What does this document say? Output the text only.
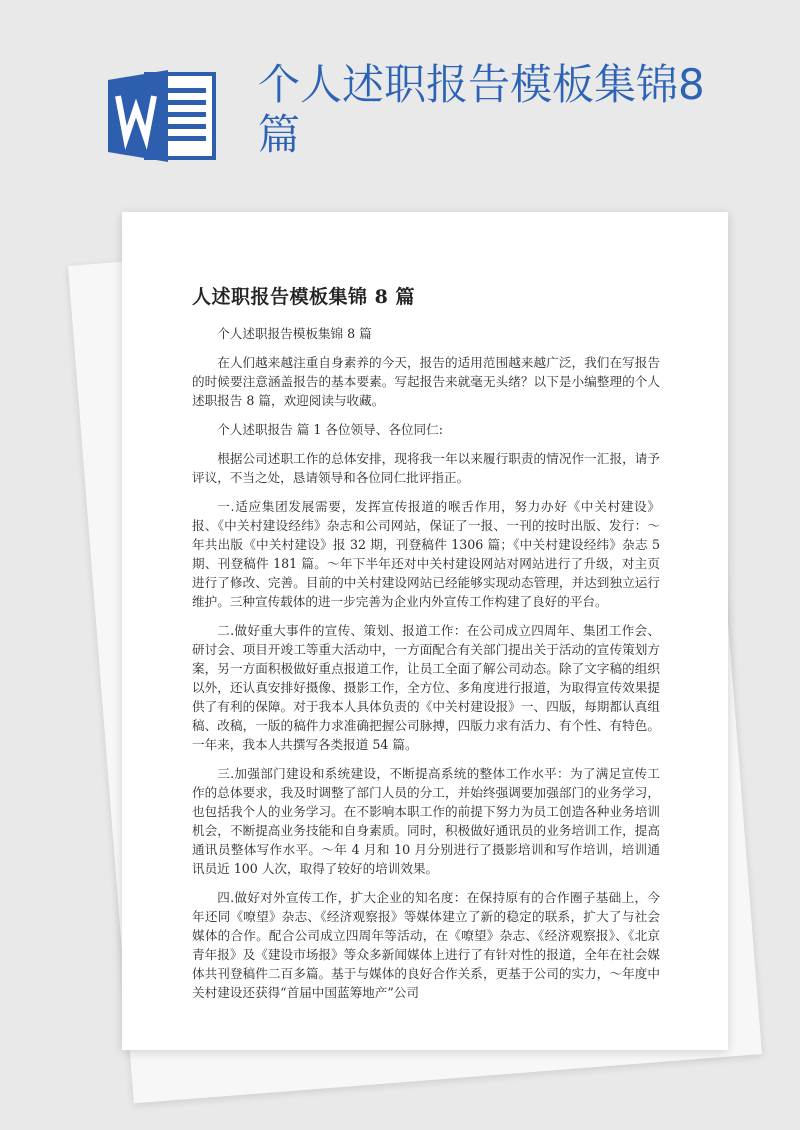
个人述职报告模板集锦8篇
人述职报告模板集锦 8 篇

个人述职报告模板集锦 8 篇

在人们越来越注重自身素养的今天，报告的适用范围越来越广泛，我们在写报告的时候要注意涵盖报告的基本要素。写起报告来就毫无头绪？以下是小编整理的个人述职报告 8 篇，欢迎阅读与收藏。

个人述职报告 篇 1 各位领导、各位同仁:

根据公司述职工作的总体安排，现将我一年以来履行职责的情况作一汇报，请予评议，不当之处，恳请领导和各位同仁批评指正。

一.适应集团发展需要，发挥宣传报道的喉舌作用，努力办好《中关村建设》报、《中关村建设经纬》杂志和公司网站，保证了一报、一刊的按时出版、发行：～年共出版《中关村建设》报 32 期，刊登稿件 1306 篇；《中关村建设经纬》杂志 5 期、刊登稿件 181 篇。～年下半年还对中关村建设网站对网站进行了升级，对主页进行了修改、完善。目前的中关村建设网站已经能够实现动态管理，并达到独立运行维护。三种宣传载体的进一步完善为企业内外宣传工作构建了良好的平台。

二.做好重大事件的宣传、策划、报道工作：在公司成立四周年、集团工作会、研讨会、项目开竣工等重大活动中，一方面配合有关部门提出关于活动的宣传策划方案，另一方面积极做好重点报道工作，让员工全面了解公司动态。除了文字稿的组织以外，还认真安排好摄像、摄影工作，全方位、多角度进行报道，为取得宣传效果提供了有利的保障。对于我本人具体负责的《中关村建设报》一、四版，每期都认真组稿、改稿，一版的稿件力求准确把握公司脉搏，四版力求有活力、有个性、有特色。一年来，我本人共撰写各类报道 54 篇。

三.加强部门建设和系统建设，不断提高系统的整体工作水平：为了满足宣传工作的总体要求，我及时调整了部门人员的分工，并始终强调要加强部门的业务学习，也包括我个人的业务学习。在不影响本职工作的前提下努力为员工创造各种业务培训机会，不断提高业务技能和自身素质。同时，积极做好通讯员的业务培训工作，提高通讯员整体写作水平。～年 4 月和 10 月分别进行了摄影培训和写作培训，培训通讯员近 100 人次，取得了较好的培训效果。

四.做好对外宣传工作，扩大企业的知名度：在保持原有的合作圈子基础上，今年还同《嘹望》杂志、《经济观察报》等媒体建立了新的稳定的联系，扩大了与社会媒体的合作。配合公司成立四周年等活动，在《嘹望》杂志、《经济观察报》、《北京青年报》及《建设市场报》等众多新闻媒体上进行了有针对性的报道，全年在社会媒体共刊登稿件二百多篇。基于与媒体的良好合作关系，更基于公司的实力，～年度中关村建设还获得“首届中国蓝筹地产”公司
